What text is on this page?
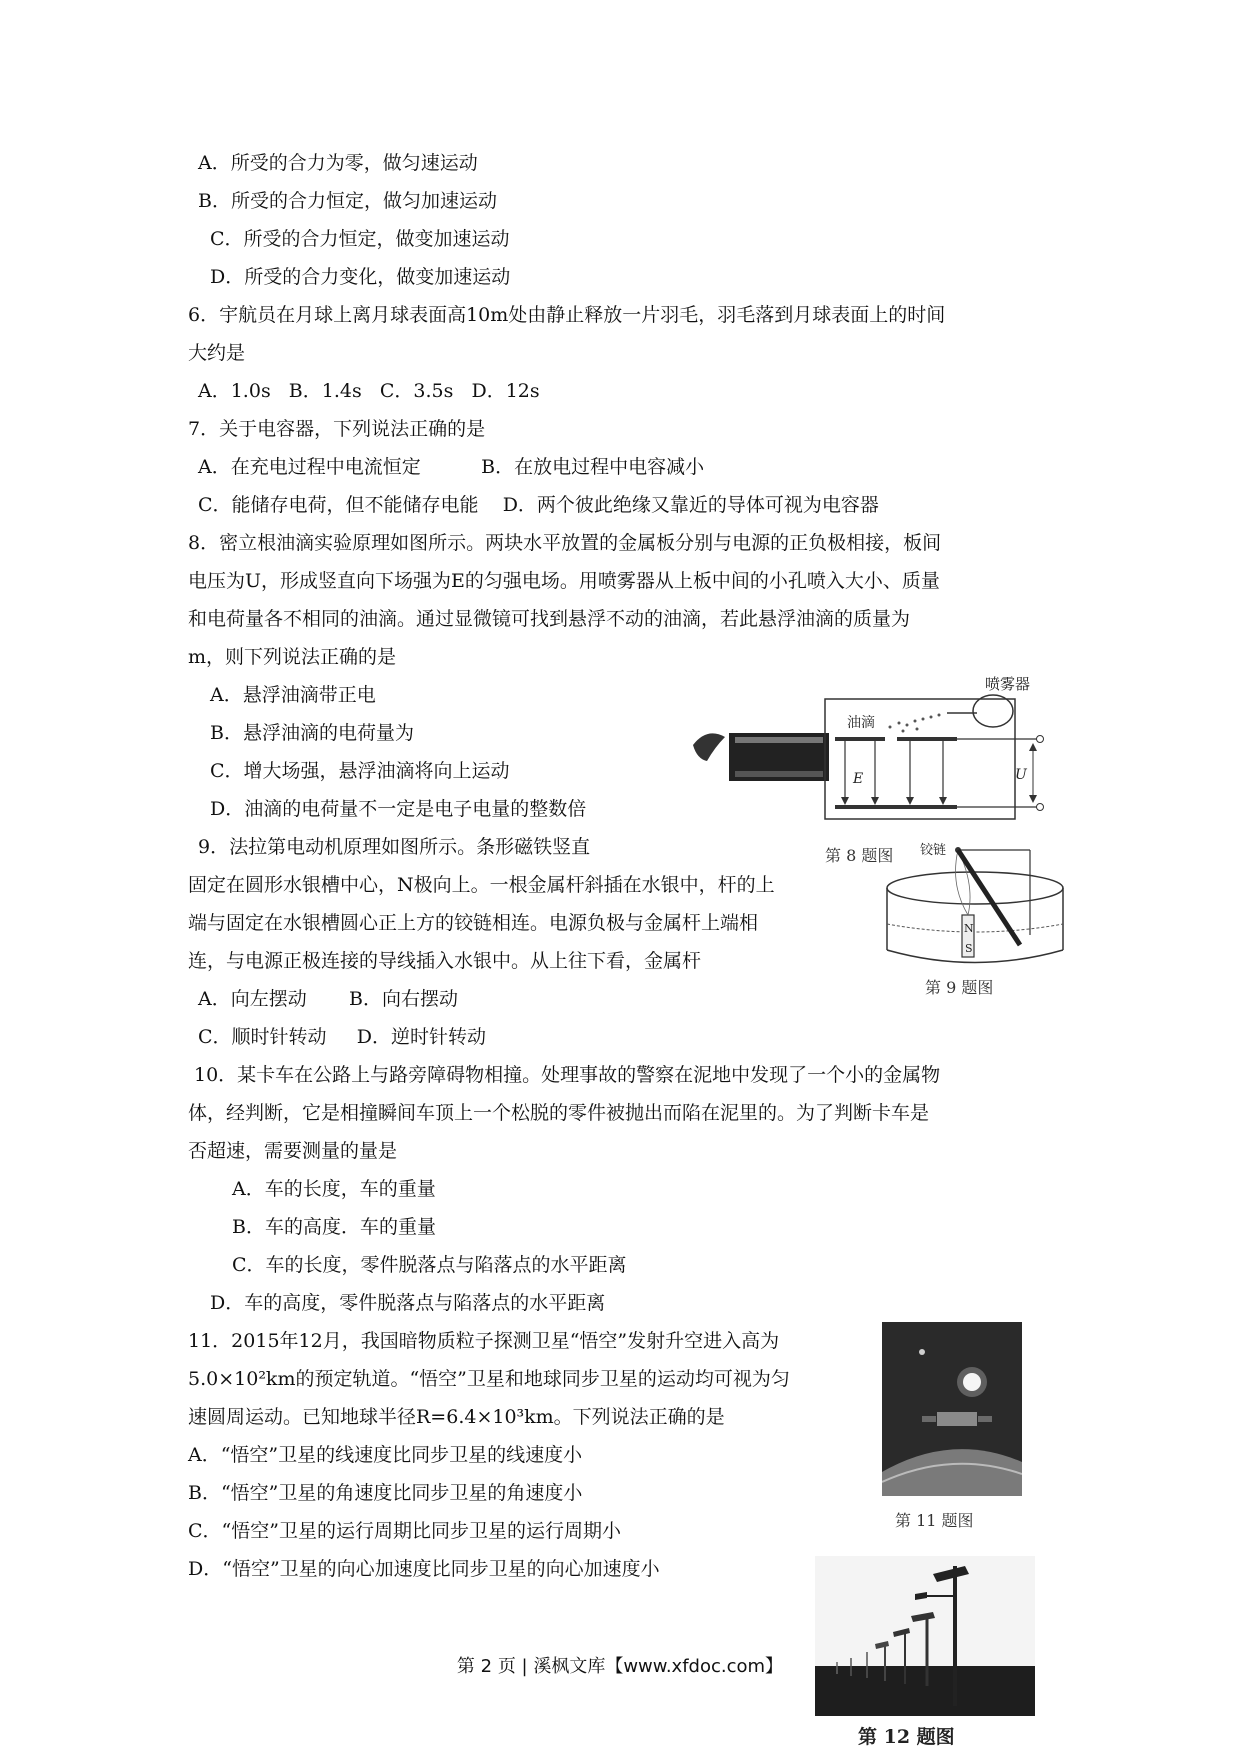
A．所受的合力为零，做匀速运动
B．所受的合力恒定，做匀加速运动
C．所受的合力恒定，做变加速运动
D．所受的合力变化，做变加速运动
6．宇航员在月球上离月球表面高10m处由静止释放一片羽毛，羽毛落到月球表面上的时间
大约是
A．1.0s   B．1.4s   C．3.5s   D．12s
7．关于电容器，下列说法正确的是
A．在充电过程中电流恒定          B．在放电过程中电容减小
C．能储存电荷，但不能储存电能    D．两个彼此绝缘又靠近的导体可视为电容器
8．密立根油滴实验原理如图所示。两块水平放置的金属板分别与电源的正负极相接，板间
电压为U，形成竖直向下场强为E的匀强电场。用喷雾器从上板中间的小孔喷入大小、质量
和电荷量各不相同的油滴。通过显微镜可找到悬浮不动的油滴，若此悬浮油滴的质量为
m，则下列说法正确的是
A．悬浮油滴带正电
B．悬浮油滴的电荷量为
C．增大场强，悬浮油滴将向上运动
D．油滴的电荷量不一定是电子电量的整数倍
喷雾器
油滴
E	U
第 8 题图
9．法拉第电动机原理如图所示。条形磁铁竖直
固定在圆形水银槽中心，N极向上。一根金属杆斜插在水银中，杆的上
端与固定在水银槽圆心正上方的铰链相连。电源负极与金属杆上端相
连，与电源正极连接的导线插入水银中。从上往下看，金属杆
A．向左摆动       B．向右摆动
C．顺时针转动     D．逆时针转动
铰链
N
S
第 9 题图
10．某卡车在公路上与路旁障碍物相撞。处理事故的警察在泥地中发现了一个小的金属物
体，经判断，它是相撞瞬间车顶上一个松脱的零件被抛出而陷在泥里的。为了判断卡车是
否超速，需要测量的量是
A．车的长度，车的重量
B．车的高度．车的重量
C．车的长度，零件脱落点与陷落点的水平距离
D．车的高度，零件脱落点与陷落点的水平距离
11．2015年12月，我国暗物质粒子探测卫星“悟空”发射升空进入高为
5.0×10²km的预定轨道。“悟空”卫星和地球同步卫星的运动均可视为匀
速圆周运动。已知地球半径R=6.4×10³km。下列说法正确的是
A．“悟空”卫星的线速度比同步卫星的线速度小
B．“悟空”卫星的角速度比同步卫星的角速度小
C．“悟空”卫星的运行周期比同步卫星的运行周期小
D．“悟空”卫星的向心加速度比同步卫星的向心加速度小
第 11 题图
第 12 题图
第 2 页 | 溪枫文库【www.xfdoc.com】
